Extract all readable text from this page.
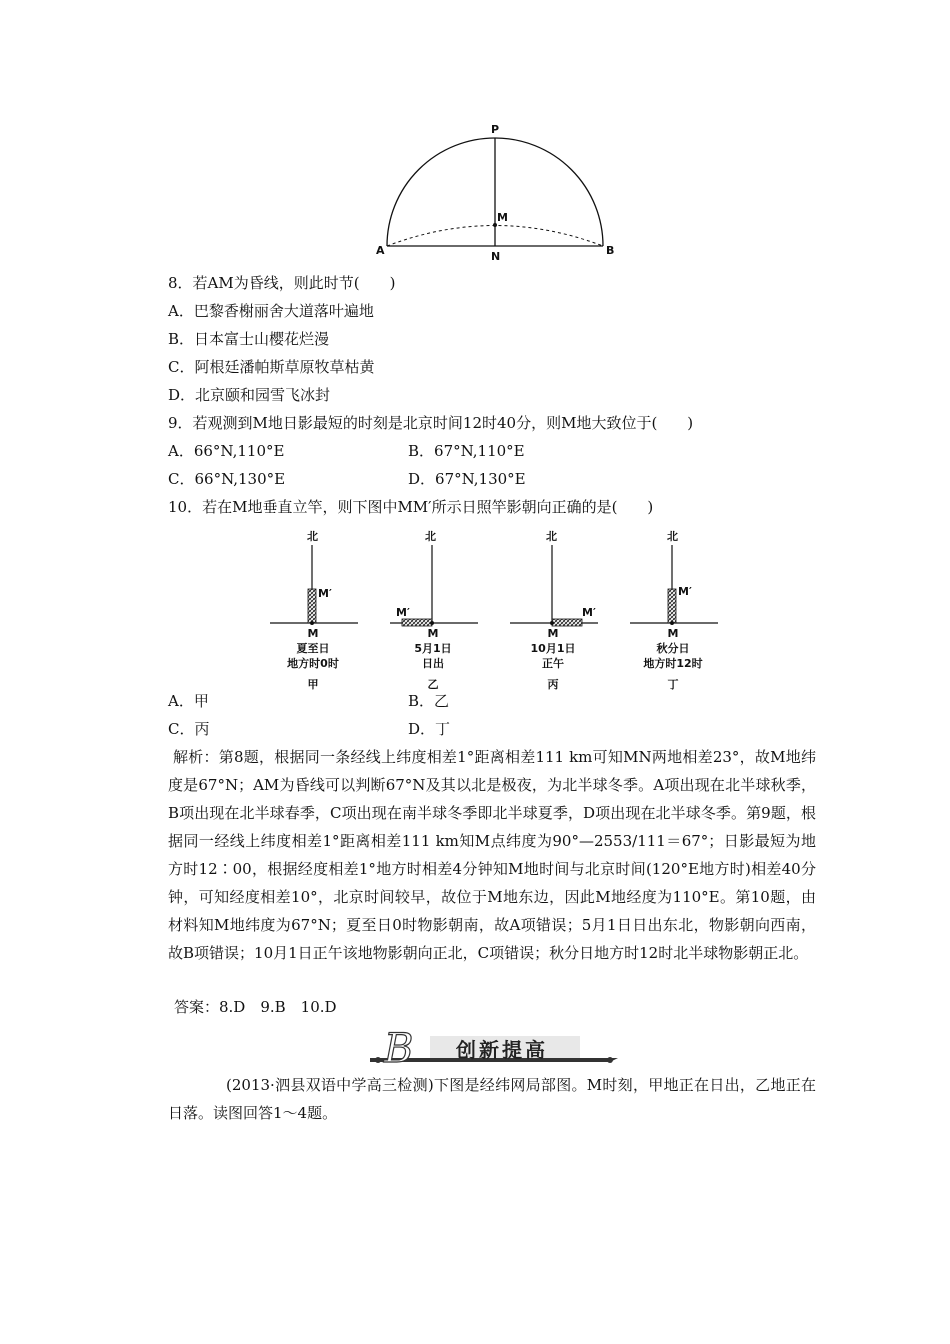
P
M
N
A	B
8．若AM为昏线，则此时节(　　)
A．巴黎香榭丽舍大道落叶遍地
B．日本富士山樱花烂漫
C．阿根廷潘帕斯草原牧草枯黄
D．北京颐和园雪飞冰封
9．若观测到M地日影最短的时刻是北京时间12时40分，则M地大致位于(　　)
A．66°N,110°E	B．67°N,110°E
C．66°N,130°E	D．67°N,130°E
10．若在M地垂直立竿，则下图中MM′所示日照竿影朝向正确的是(　　)
北
M′
北
M′
北
M′
北
M′
M
夏至日
地方时0时
甲
M
5月1日
日出
乙
M
10月1日
正午
丙
M
秋分日
地方时12时
丁
A．甲	B．乙
C．丙	D．丁
解析：第8题，根据同一条经线上纬度相差1°距离相差111 km可知MN两地相差23°，故M地纬度是67°N；AM为昏线可以判断67°N及其以北是极夜，为北半球冬季。A项出现在北半球秋季，B项出现在北半球春季，C项出现在南半球冬季即北半球夏季，D项出现在北半球冬季。第9题，根据同一经线上纬度相差1°距离相差111 km知M点纬度为90°—2553/111＝67°；日影最短为地方时12∶00，根据经度相差1°地方时相差4分钟知M地时间与北京时间(120°E地方时)相差40分钟，可知经度相差10°，北京时间较早，故位于M地东边，因此M地经度为110°E。第10题，由材料知M地纬度为67°N；夏至日0时物影朝南，故A项错误；5月1日日出东北，物影朝向西南，故B项错误；10月1日正午该地物影朝向正北，C项错误；秋分日地方时12时北半球物影朝正北。
答案：8.D　9.B　10.D
B 创新提高
(2013·泗县双语中学高三检测)下图是经纬网局部图。M时刻，甲地正在日出，乙地正在日落。读图回答1～4题。
